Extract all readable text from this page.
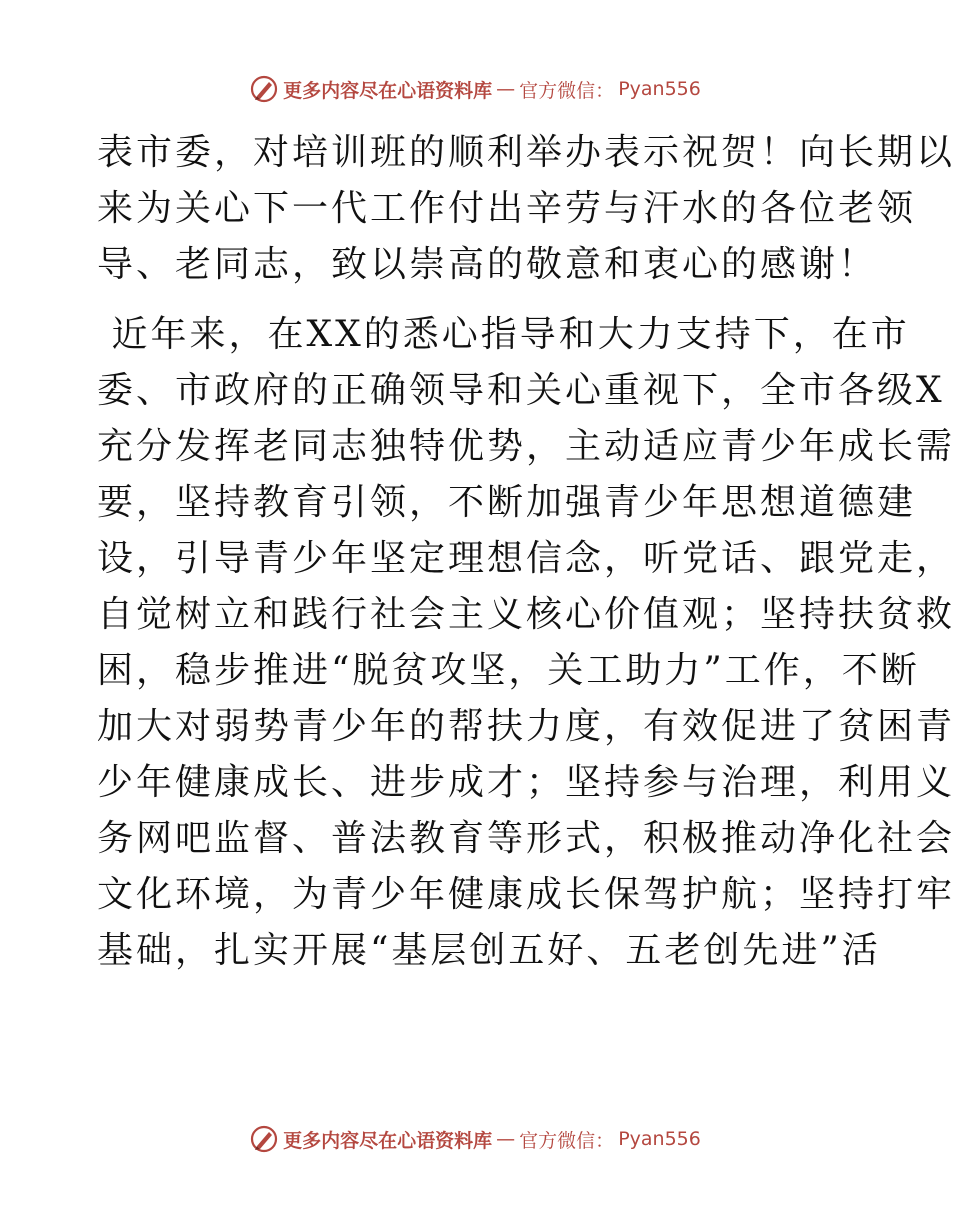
更多内容尽在心语资料库 — 官方微信： Pyan556
表市委，对培训班的顺利举办表示祝贺！向长期以
来为关心下一代工作付出辛劳与汗水的各位老领
导、老同志，致以崇高的敬意和衷心的感谢！
近年来，在XX的悉心指导和大力支持下，在市
委、市政府的正确领导和关心重视下，全市各级X
充分发挥老同志独特优势，主动适应青少年成长需
要，坚持教育引领，不断加强青少年思想道德建
设，引导青少年坚定理想信念，听党话、跟党走，
自觉树立和践行社会主义核心价值观；坚持扶贫救
困，稳步推进“脱贫攻坚，关工助力”工作，不断
加大对弱势青少年的帮扶力度，有效促进了贫困青
少年健康成长、进步成才；坚持参与治理，利用义
务网吧监督、普法教育等形式，积极推动净化社会
文化环境，为青少年健康成长保驾护航；坚持打牢
基础，扎实开展“基层创五好、五老创先进”活
更多内容尽在心语资料库 — 官方微信： Pyan556
